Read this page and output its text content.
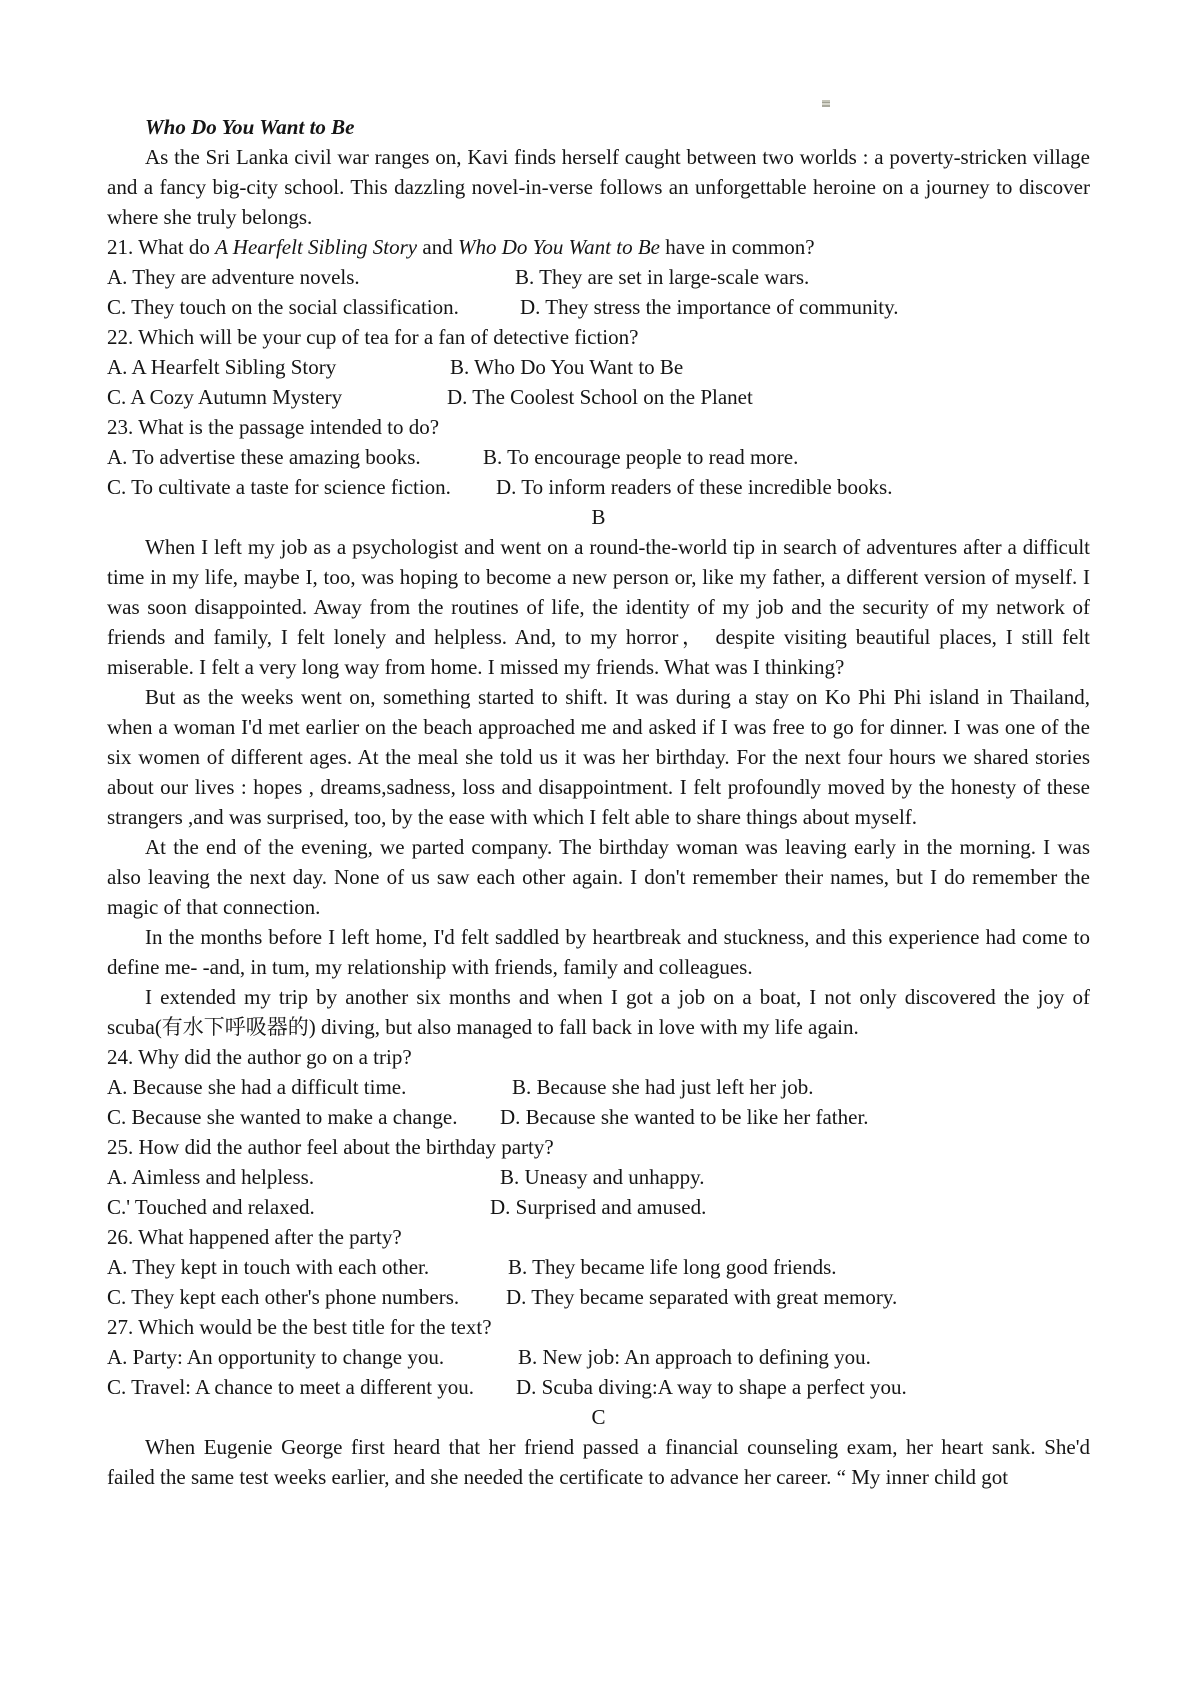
Who Do You Want to Be

As the Sri Lanka civil war ranges on, Kavi finds herself caught between two worlds : a poverty-stricken village and a fancy big-city school. This dazzling novel-in-verse follows an unforgettable heroine on a journey to discover where she truly belongs.

21. What do A Hearfelt Sibling Story and Who Do You Want to Be have in common?

A. They are adventure novels.	B. They are set in large-scale wars.
C. They touch on the social classification.	D. They stress the importance of community.

22. Which will be your cup of tea for a fan of detective fiction?

A. A Hearfelt Sibling Story	B. Who Do You Want to Be
C. A Cozy Autumn Mystery	D. The Coolest School on the Planet

23. What is the passage intended to do?

A. To advertise these amazing books.	B. To encourage people to read more.
C. To cultivate a taste for science fiction.	D. To inform readers of these incredible books.

B

When I left my job as a psychologist and went on a round-the-world tip in search of adventures after a difficult time in my life, maybe I, too, was hoping to become a new person or, like my father, a different version of myself. I was soon disappointed. Away from the routines of life, the identity of my job and the security of my network of friends and family, I felt lonely and helpless. And, to my horror， despite visiting beautiful places, I still felt miserable. I felt a very long way from home. I missed my friends. What was I thinking?

But as the weeks went on, something started to shift. It was during a stay on Ko Phi Phi island in Thailand, when a woman I'd met earlier on the beach approached me and asked if I was free to go for dinner. I was one of the six women of different ages. At the meal she told us it was her birthday. For the next four hours we shared stories about our lives : hopes , dreams,sadness, loss and disappointment. I felt profoundly moved by the honesty of these strangers ,and was surprised, too, by the ease with which I felt able to share things about myself.

At the end of the evening, we parted company. The birthday woman was leaving early in the morning. I was also leaving the next day. None of us saw each other again. I don't remember their names, but I do remember the magic of that connection.

In the months before I left home, I'd felt saddled by heartbreak and stuckness, and this experience had come to define me- -and, in tum, my relationship with friends, family and colleagues.

I extended my trip by another six months and when I got a job on a boat, I not only discovered the joy of scuba(有水下呼吸器的) diving, but also managed to fall back in love with my life again.

24. Why did the author go on a trip?

A. Because she had a difficult time.	B. Because she had just left her job.
C. Because she wanted to make a change.	D. Because she wanted to be like her father.

25. How did the author feel about the birthday party?

A. Aimless and helpless.	B. Uneasy and unhappy.
C.' Touched and relaxed.	D. Surprised and amused.

26. What happened after the party?

A. They kept in touch with each other.	B. They became life long good friends.
C. They kept each other's phone numbers.	D. They became separated with great memory.

27. Which would be the best title for the text?

A. Party: An opportunity to change you.	B. New job: An approach to defining you.
C. Travel: A chance to meet a different you.	D. Scuba diving:A way to shape a perfect you.

C

When Eugenie George first heard that her friend passed a financial counseling exam, her heart sank. She'd failed the same test weeks earlier, and she needed the certificate to advance her career. “ My inner child got
